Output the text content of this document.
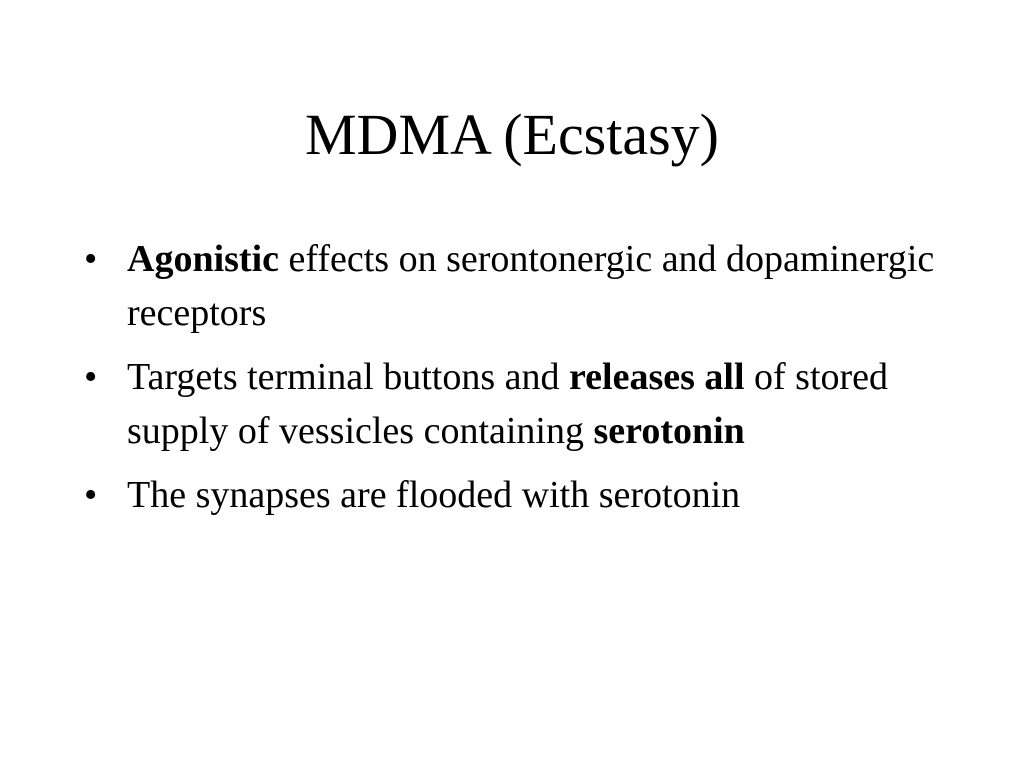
MDMA (Ecstasy)
• Agonistic effects on serontonergic and dopaminergic receptors
• Targets terminal buttons and releases all of stored supply of vessicles containing serotonin
• The synapses are flooded with serotonin
